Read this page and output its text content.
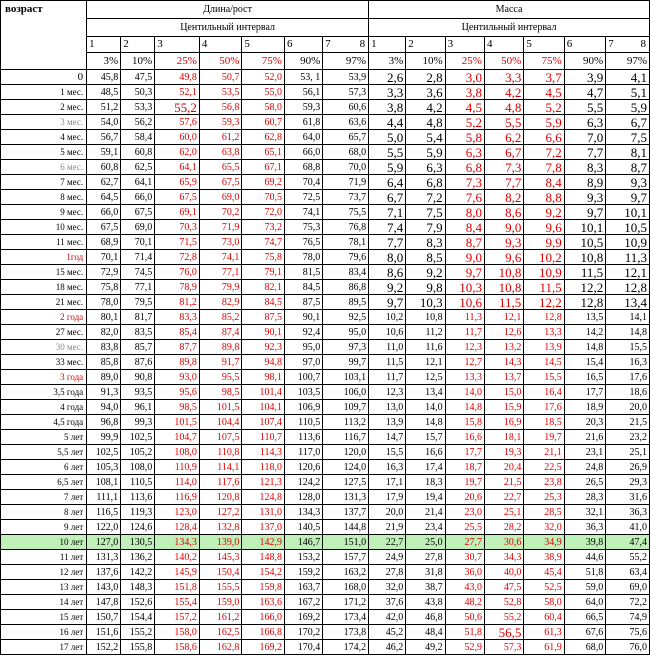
возраст	Длина/рост							Масса						
	Центильный интервал							Центильный интервал						

	1	2	3	4	5	6	7 8	1	2	3	4	5	6	7 8

	3%	10%	25%	50%	75%	90%	97%	3%	10%	25%	50%	75%	90%	97%
0	45,8	47,5	49,8	50,7	52,0	53, 1	53,9	2,6	2,8	3,0	3,3	3,7	3,9	4,1
1 мес.	48,5	50,3	52,1	53,5	55,0	56,1	57,3	3,3	3,6	3,8	4,2	4,5	4,7	5,1
2 мес.	51,2	53,3	55,2	56,8	58,0	59,3	60,6	3,8	4,2	4,5	4,8	5,2	5,5	5,9
3 мес.	54,0	56,2	57,6	59,3	60,7	61,8	63,6	4,4	4,8	5,2	5,5	5,9	6,3	6,7
4 мес.	56,7	58,4	60,0	61,2	62,8	64,0	65,7	5,0	5,4	5,8	6,2	6,6	7,0	7,5
5 мес.	59,1	60,8	62,0	63,8	65,1	66,0	68,0	5,5	5,9	6,3	6,7	7,2	7,7	8,1
6 мес.	60,8	62,5	64,1	65,5	67,1	68,8	70,0	5,9	6,3	6,8	7,3	7,8	8,3	8,7
7 мес.	62,7	64,1	65,9	67,5	69,2	70,4	71,9	6,4	6,8	7,3	7,7	8,4	8,9	9,3
8 мес.	64,5	66,0	67,5	69,0	70,5	72,5	73,7	6,7	7,2	7,6	8,2	8,8	9,3	9,7
9 мес.	66,0	67,5	69,1	70,2	72,0	74,1	75,5	7,1	7,5	8,0	8,6	9,2	9,7	10,1
10 мес.	67,5	69,0	70,3	71,9	73,2	75,3	76,8	7,4	7,9	8,4	9,0	9,6	10,1	10,5
11 мес.	68,9	70,1	71,5	73,0	74,7	76,5	78,1	7,7	8,3	8,7	9,3	9,9	10,5	10,9
1год	70,1	71,4	72,8	74,1	75,8	78,0	79,6	8,0	8,5	9,0	9,6	10,2	10,8	11,3
15 мес.	72,9	74,5	76,0	77,1	79,1	81,5	83,4	8,6	9,2	9,7	10,8	10,9	11,5	12,1
18 мес.	75,8	77,1	78,9	79,9	82,1	84,5	86,8	9,2	9,8	10,3	10,8	11,5	12,2	12,8
21 мес.	78,0	79,5	81,2	82,9	84,5	87,5	89,5	9,7	10,3	10,6	11,5	12,2	12,8	13,4
2 года	80,1	81,7	83,3	85,2	87,5	90,1	92,5	10,2	10,8	11,3	12,1	12,8	13,5	14,1
27 мес.	82,0	83,5	85,4	87,4	90,1	92,4	95,0	10,6	11,2	11,7	12,6	13,3	14,2	14,8
30 мес.	83,8	85,7	87,7	89,8	92,3	95,0	97,3	11,0	11,6	12,3	13,2	13,9	14,8	15,5
33 мес.	85,8	87,6	89,8	91,7	94,8	97,0	99,7	11,5	12,1	12,7	14,3	14,5	15,4	16,3
3 года	89,0	90,8	93,0	95,5	98,1	100,7	103,1	11,7	12,5	13,3	13,7	15,5	16,5	17,6
3,5 года	91,3	93,5	95,6	98,5	101,4	103,5	106,0	12,3	13,4	14,0	15,0	16,4	17,7	18,6
4 года	94,0	96,1	98,5	101,5	104,1	106,9	109,7	13,0	14,0	14,8	15,9	17,6	18,9	20,0
4,5 года	96,8	99,3	101,5	104,4	107,4	110,5	113,2	13,9	14,8	15,8	16,9	18,5	20,3	21,5
5 лет	99,9	102,5	104,7	107,5	110,7	113,6	116,7	14,7	15,7	16,6	18,1	19,7	21,6	23,2
5,5 лет	102,5	105,2	108,0	110,8	114,3	117,0	120,0	15,5	16,6	17,7	19,3	21,1	23,1	25,1
6 лет	105,3	108,0	110,9	114,1	118,0	120,6	124,0	16,3	17,4	18,7	20,4	22,5	24,8	26,9
6,5 лет	108,1	110,5	114,0	117,6	121,3	124,2	127,5	17,1	18,3	19,7	21,5	23,8	26,5	29,3
7 лет	111,1	113,6	116,9	120,8	124,8	128,0	131,3	17,9	19,4	20,6	22,7	25,3	28,3	31,6
8 лет	116,5	119,3	123,0	127,2	131,0	134,3	137,7	20,0	21,4	23,0	25,1	28,5	32,1	36,3
9 лет	122,0	124,6	128,4	132,8	137,0	140,5	144,8	21,9	23,4	25,5	28,2	32,0	36,3	41,0
10 лет	127,0	130,5	134,3	139,0	142,9	146,7	151,0	22,7	25,0	27,7	30,6	34,9	39,8	47,4
11 лет	131,3	136,2	140,2	145,3	148,8	153,2	157,7	24,9	27,8	30,7	34,3	38,9	44,6	55,2
12 лет	137,6	142,2	145,9	150,4	154,2	159,2	163,2	27,8	31,8	36,0	40,0	45,4	51,8	63,4
13 лет	143,0	148,3	151,8	155,5	159,8	163,7	168,0	32,0	38,7	43,0	47,5	52,5	59,0	69,0
14 лет	147,8	152,6	155,4	159,0	163,6	167,2	171,2	37,6	43,8	48,2	52,8	58,0	64,0	72,2
15 лет	150,7	154,4	157,2	161,2	166,0	169,2	173,4	42,0	46,8	50,6	55,2	60,4	66,5	74,9
16 лет	151,6	155,2	158,0	162,5	166,8	170,2	173,8	45,2	48,4	51,8	56,5	61,3	67,6	75,6
17 лет	152,2	155,8	158,6	162,8	169,2	170,4	174,2	46,2	49,2	52,9	57,3	61,9	68,0	76,0
